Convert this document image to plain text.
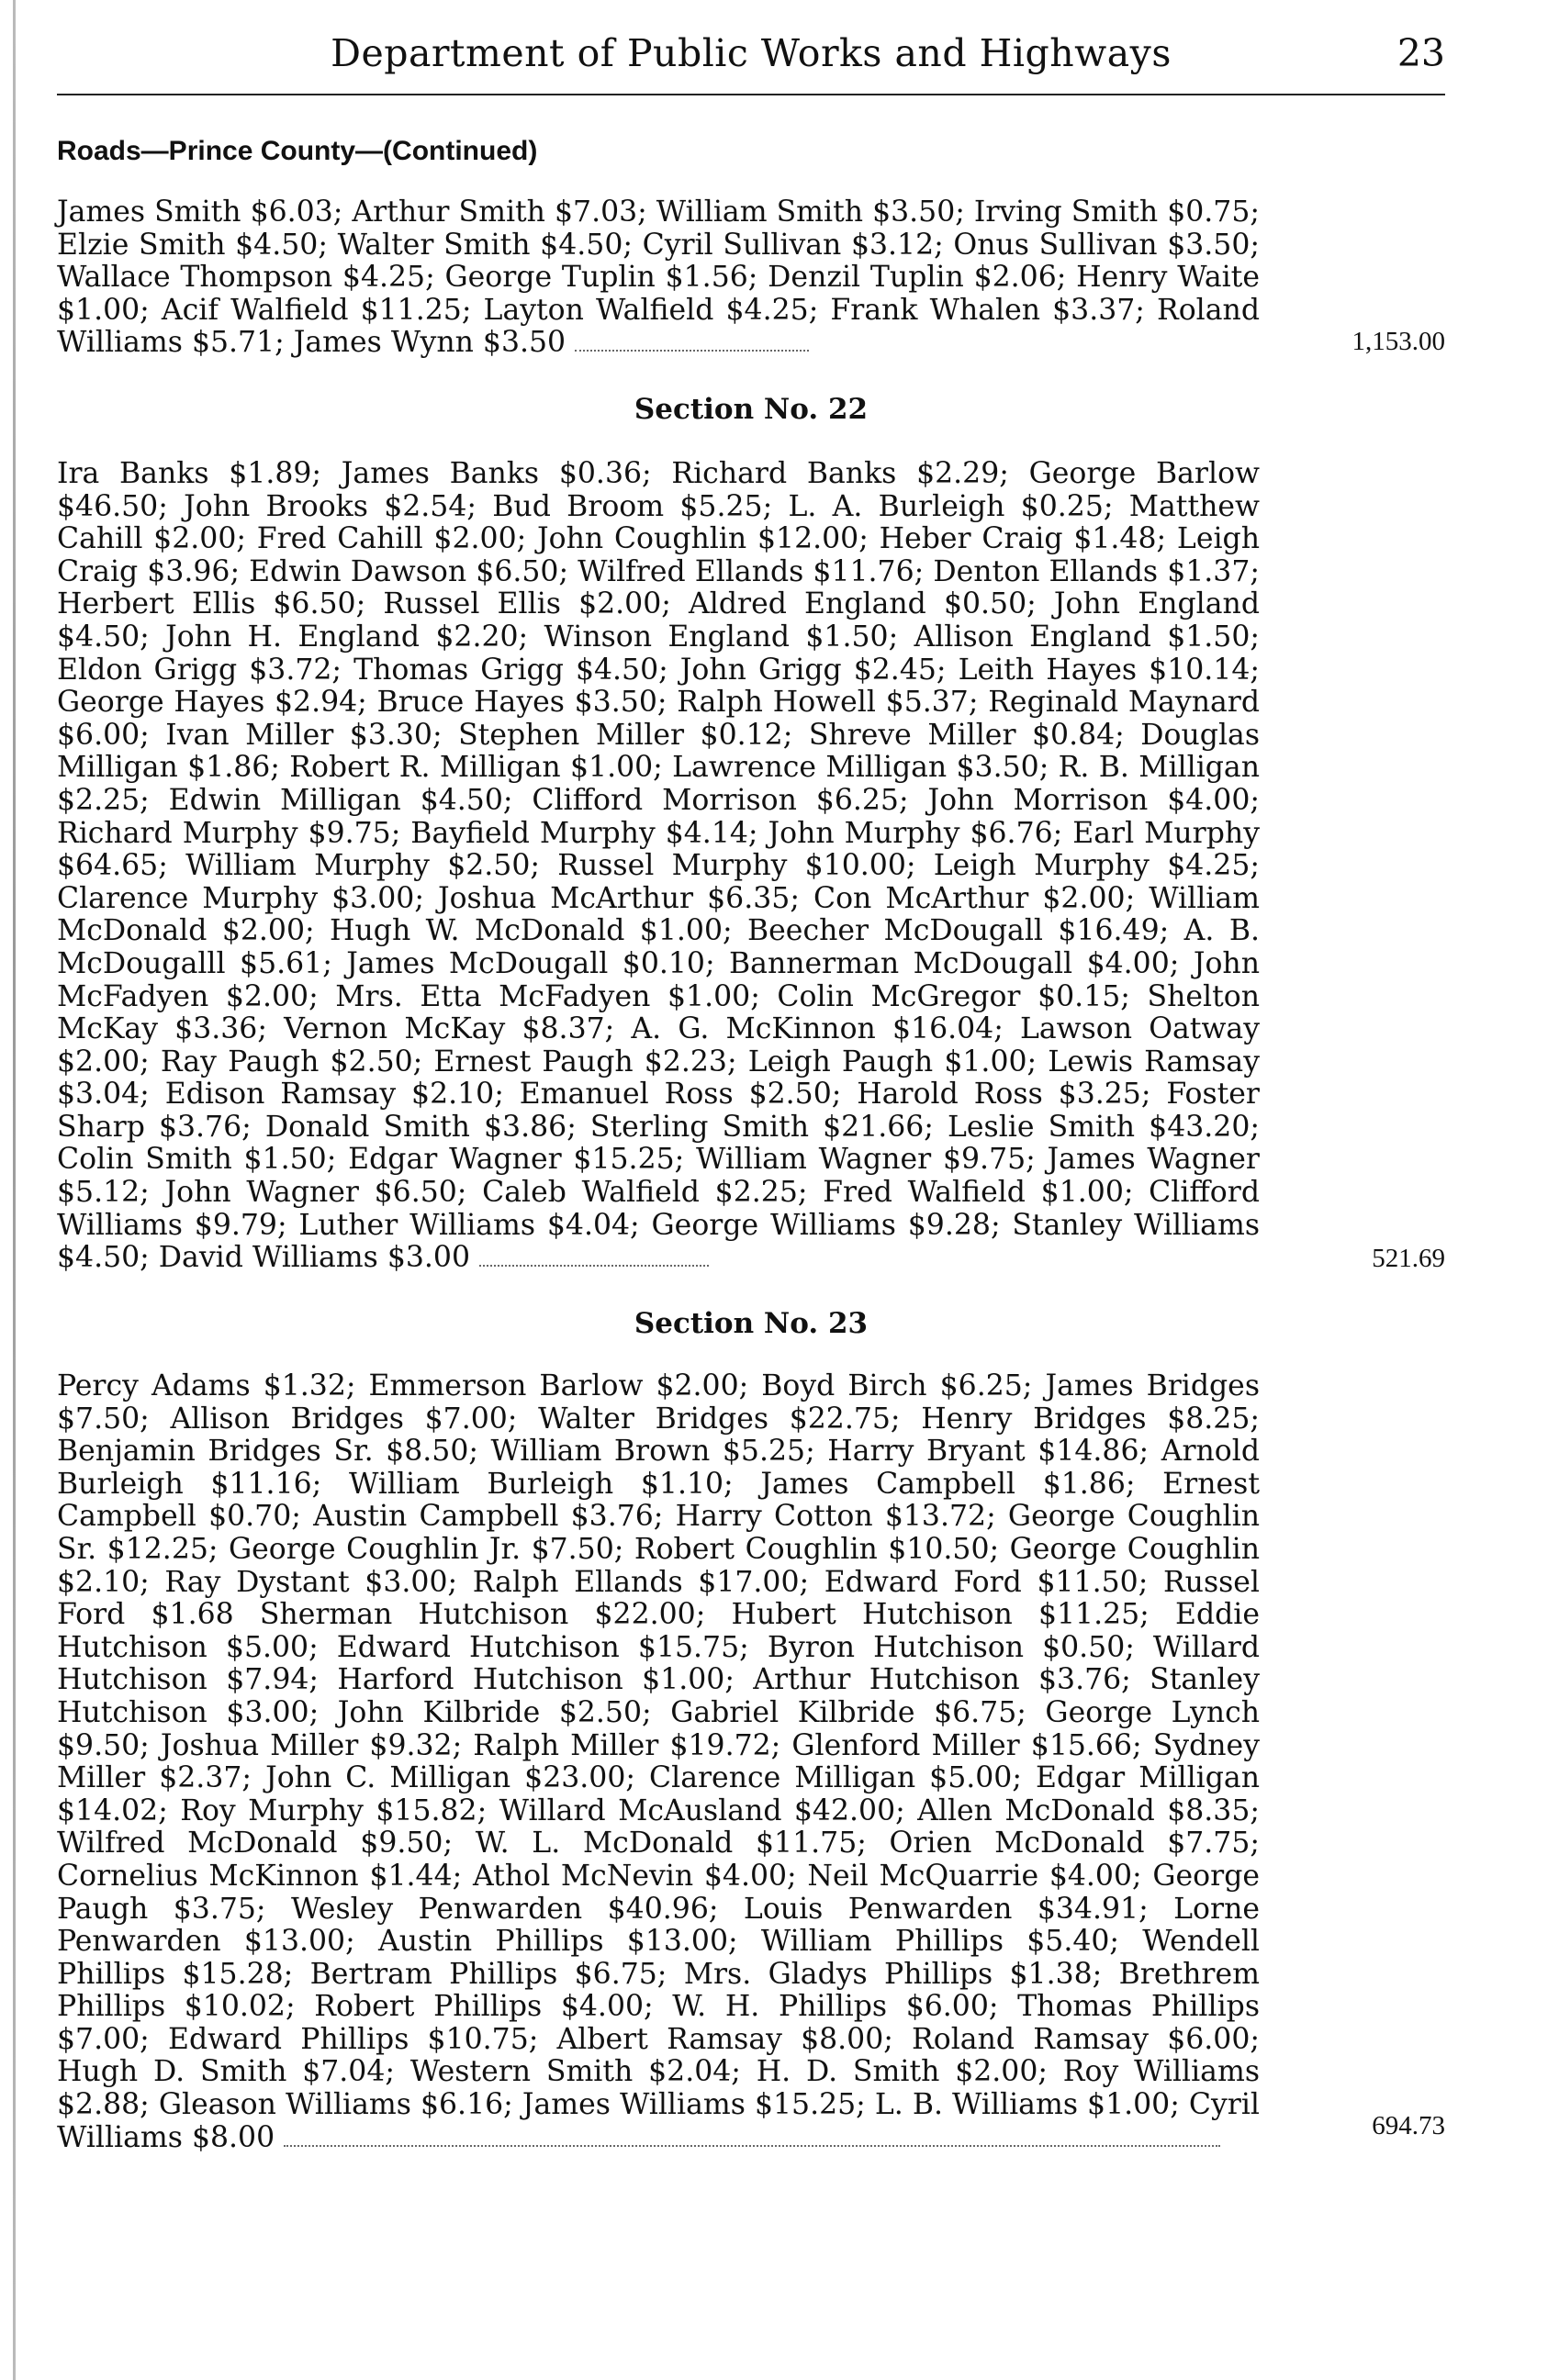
Department of Public Works and Highways	23
Roads—Prince County—(Continued)
James Smith $6.03; Arthur Smith $7.03; William Smith $3.50; Irving Smith $0.75; Elzie Smith $4.50; Walter Smith $4.50; Cyril Sullivan $3.12; Onus Sullivan $3.50; Wallace Thompson $4.25; George Tuplin $1.56; Denzil Tuplin $2.06; Henry Waite $1.00; Acif Walfield $11.25; Layton Walfield $4.25; Frank Whalen $3.37; Roland Williams $5.71; James Wynn $3.50	1,153.00
Section No. 22
Ira Banks $1.89; James Banks $0.36; Richard Banks $2.29; George Barlow $46.50; John Brooks $2.54; Bud Broom $5.25; L. A. Burleigh $0.25; Matthew Cahill $2.00; Fred Cahill $2.00; John Coughlin $12.00; Heber Craig $1.48; Leigh Craig $3.96; Edwin Dawson $6.50; Wilfred Ellands $11.76; Denton Ellands $1.37; Herbert Ellis $6.50; Russel Ellis $2.00; Aldred England $0.50; John England $4.50; John H. England $2.20; Winson England $1.50; Allison England $1.50; Eldon Grigg $3.72; Thomas Grigg $4.50; John Grigg $2.45; Leith Hayes $10.14; George Hayes $2.94; Bruce Hayes $3.50; Ralph Howell $5.37; Reginald Maynard $6.00; Ivan Miller $3.30; Stephen Miller $0.12; Shreve Miller $0.84; Douglas Milligan $1.86; Robert R. Milligan $1.00; Lawrence Milligan $3.50; R. B. Milligan $2.25; Edwin Milligan $4.50; Clifford Morrison $6.25; John Morrison $4.00; Richard Murphy $9.75; Bayfield Murphy $4.14; John Murphy $6.76; Earl Murphy $64.65; William Murphy $2.50; Russel Murphy $10.00; Leigh Murphy $4.25; Clarence Murphy $3.00; Joshua McArthur $6.35; Con McArthur $2.00; William McDonald $2.00; Hugh W. McDonald $1.00; Beecher McDougall $16.49; A. B. McDougalll $5.61; James McDougall $0.10; Bannerman McDougall $4.00; John McFadyen $2.00; Mrs. Etta McFadyen $1.00; Colin McGregor $0.15; Shelton McKay $3.36; Vernon McKay $8.37; A. G. McKinnon $16.04; Lawson Oatway $2.00; Ray Paugh $2.50; Ernest Paugh $2.23; Leigh Paugh $1.00; Lewis Ramsay $3.04; Edison Ramsay $2.10; Emanuel Ross $2.50; Harold Ross $3.25; Foster Sharp $3.76; Donald Smith $3.86; Sterling Smith $21.66; Leslie Smith $43.20; Colin Smith $1.50; Edgar Wagner $15.25; William Wagner $9.75; James Wagner $5.12; John Wagner $6.50; Caleb Walfield $2.25; Fred Walfield $1.00; Clifford Williams $9.79; Luther Williams $4.04; George Williams $9.28; Stanley Williams $4.50; David Williams $3.00	521.69
Section No. 23
Percy Adams $1.32; Emmerson Barlow $2.00; Boyd Birch $6.25; James Bridges $7.50; Allison Bridges $7.00; Walter Bridges $22.75; Henry Bridges $8.25; Benjamin Bridges Sr. $8.50; William Brown $5.25; Harry Bryant $14.86; Arnold Burleigh $11.16; William Burleigh $1.10; James Campbell $1.86; Ernest Campbell $0.70; Austin Campbell $3.76; Harry Cotton $13.72; George Coughlin Sr. $12.25; George Coughlin Jr. $7.50; Robert Coughlin $10.50; George Coughlin $2.10; Ray Dystant $3.00; Ralph Ellands $17.00; Edward Ford $11.50; Russel Ford $1.68 Sherman Hutchison $22.00; Hubert Hutchison $11.25; Eddie Hutchison $5.00; Edward Hutchison $15.75; Byron Hutchison $0.50; Willard Hutchison $7.94; Harford Hutchison $1.00; Arthur Hutchison $3.76; Stanley Hutchison $3.00; John Kilbride $2.50; Gabriel Kilbride $6.75; George Lynch $9.50; Joshua Miller $9.32; Ralph Miller $19.72; Glenford Miller $15.66; Sydney Miller $2.37; John C. Milligan $23.00; Clarence Milligan $5.00; Edgar Milligan $14.02; Roy Murphy $15.82; Willard McAusland $42.00; Allen McDonald $8.35; Wilfred McDonald $9.50; W. L. McDonald $11.75; Orien McDonald $7.75; Cornelius McKinnon $1.44; Athol McNevin $4.00; Neil McQuarrie $4.00; George Paugh $3.75; Wesley Penwarden $40.96; Louis Penwarden $34.91; Lorne Penwarden $13.00; Austin Phillips $13.00; William Phillips $5.40; Wendell Phillips $15.28; Bertram Phillips $6.75; Mrs. Gladys Phillips $1.38; Brethrem Phillips $10.02; Robert Phillips $4.00; W. H. Phillips $6.00; Thomas Phillips $7.00; Edward Phillips $10.75; Albert Ramsay $8.00; Roland Ramsay $6.00; Hugh D. Smith $7.04; Western Smith $2.04; H. D. Smith $2.00; Roy Williams $2.88; Gleason Williams $6.16; James Williams $15.25; L. B. Williams $1.00; Cyril Williams $8.00	694.73
